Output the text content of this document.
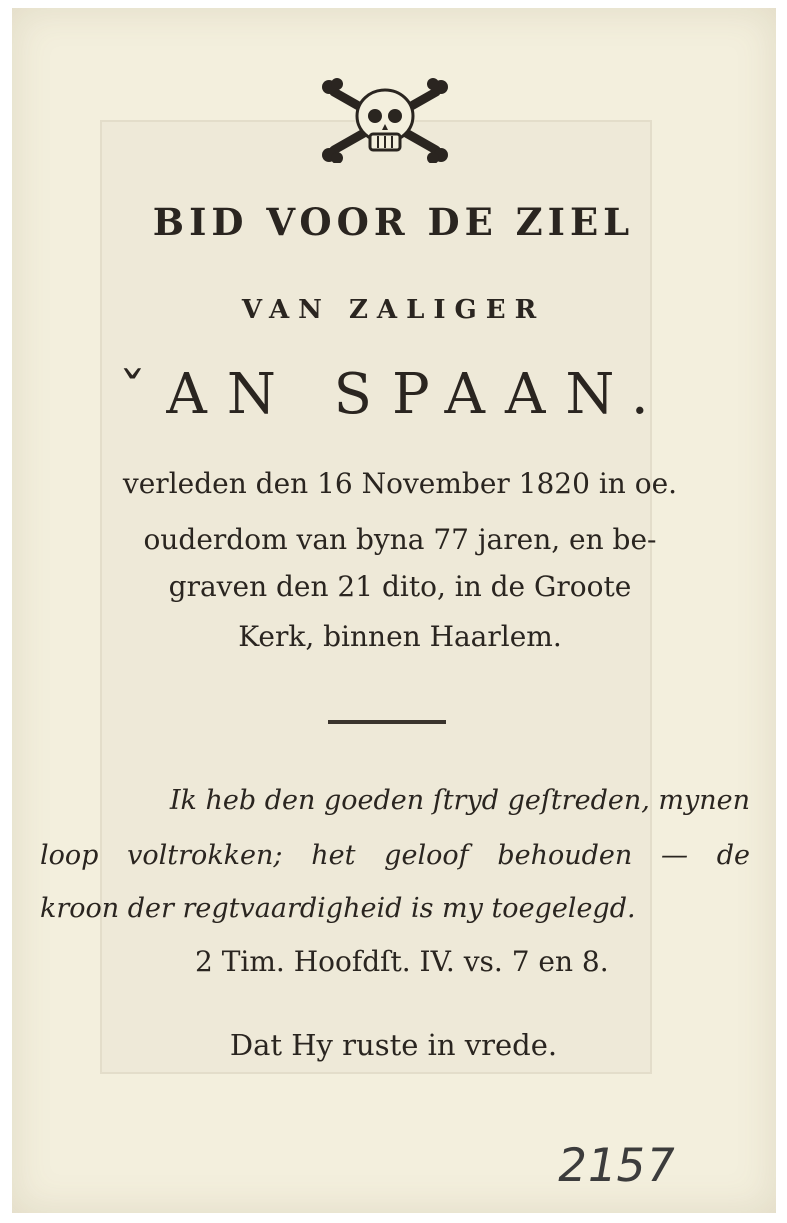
BID VOOR DE ZIEL
VAN ZALIGER
ˇAN SPAAN.
verleden den 16 November 1820 in oe.
ouderdom van byna 77 jaren, en be-
graven den 21 dito, in de Groote
Kerk, binnen Haarlem.
Ik heb den goeden ſtryd geſtreden, mynen
loop voltrokken; het geloof behouden — de
kroon der regtvaardigheid is my toegelegd.
2 Tim. Hoofdſt. IV. vs. 7 en 8.
Dat Hy ruste in vrede.
2157
